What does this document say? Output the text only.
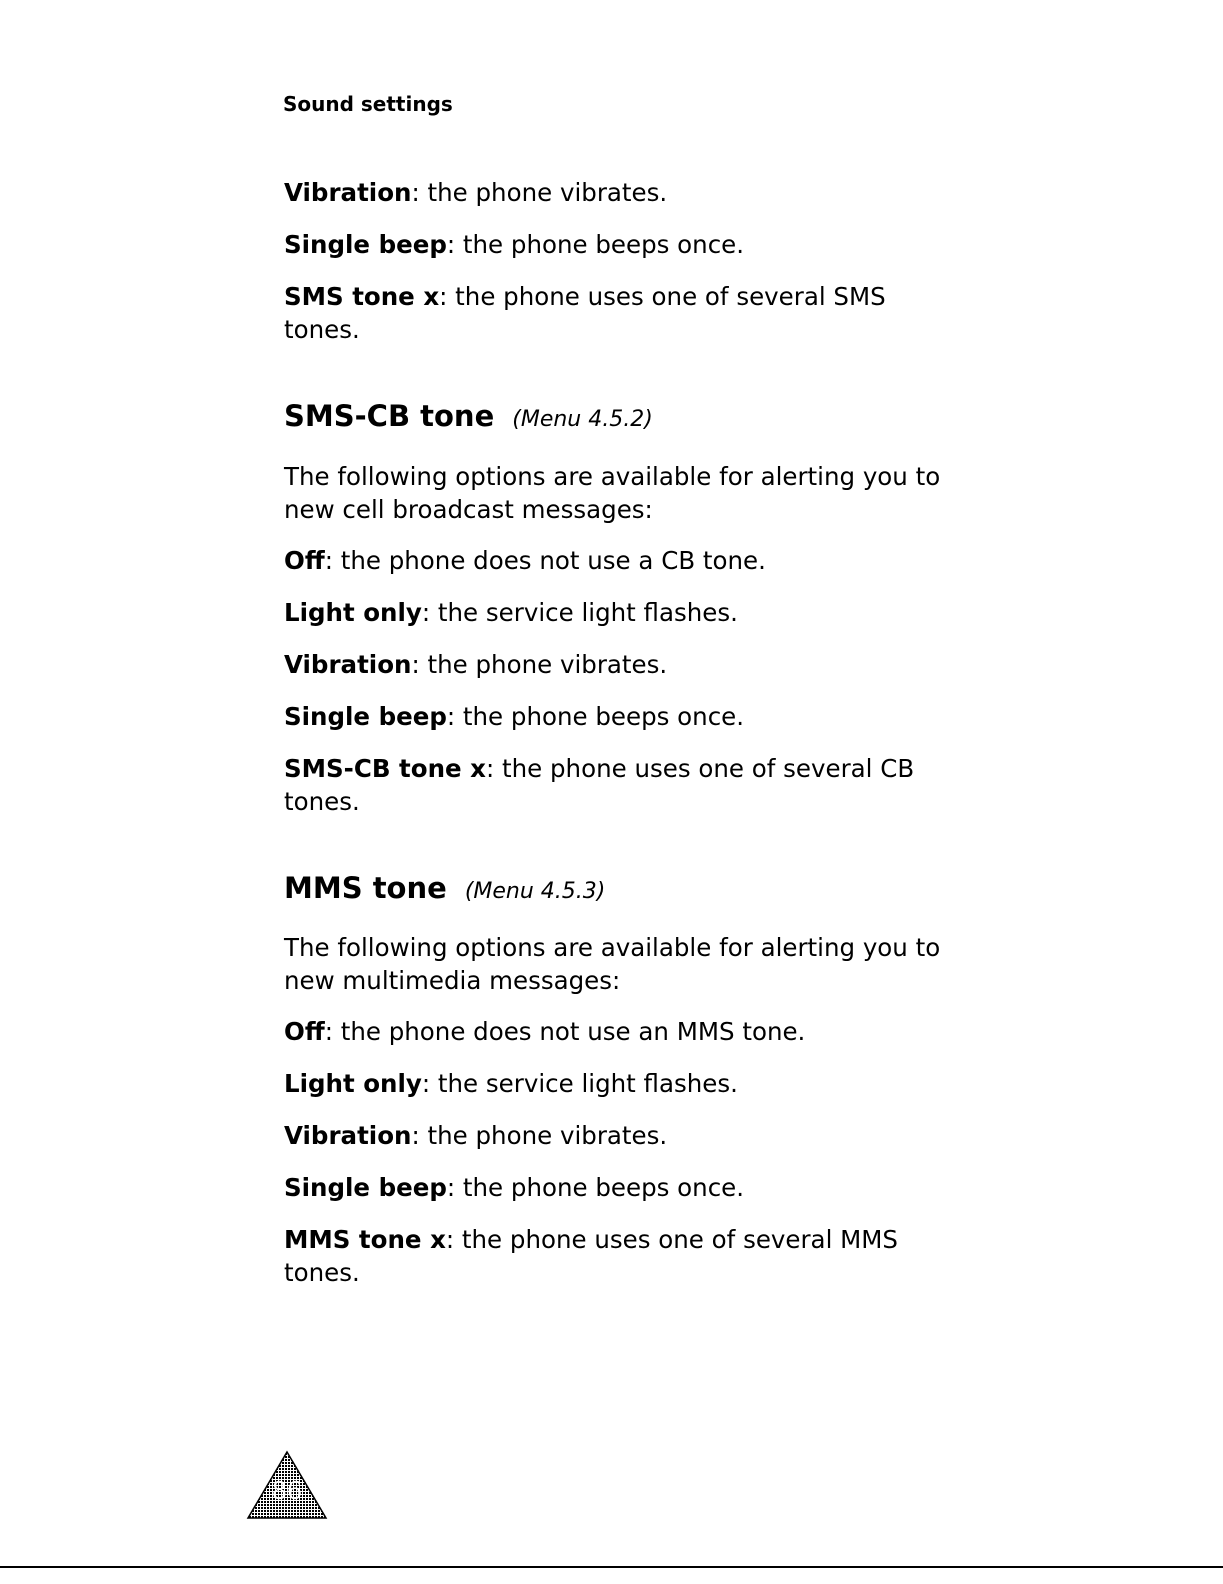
Sound settings

Vibration: the phone vibrates.

Single beep: the phone beeps once.

SMS tone x: the phone uses one of several SMS tones.

SMS-CB tone (Menu 4.5.2)

The following options are available for alerting you to new cell broadcast messages:

Off: the phone does not use a CB tone.

Light only: the service light flashes.

Vibration: the phone vibrates.

Single beep: the phone beeps once.

SMS-CB tone x: the phone uses one of several CB tones.

MMS tone (Menu 4.5.3)

The following options are available for alerting you to new multimedia messages:

Off: the phone does not use an MMS tone.

Light only: the service light flashes.

Vibration: the phone vibrates.

Single beep: the phone beeps once.

MMS tone x: the phone uses one of several MMS tones.

86
